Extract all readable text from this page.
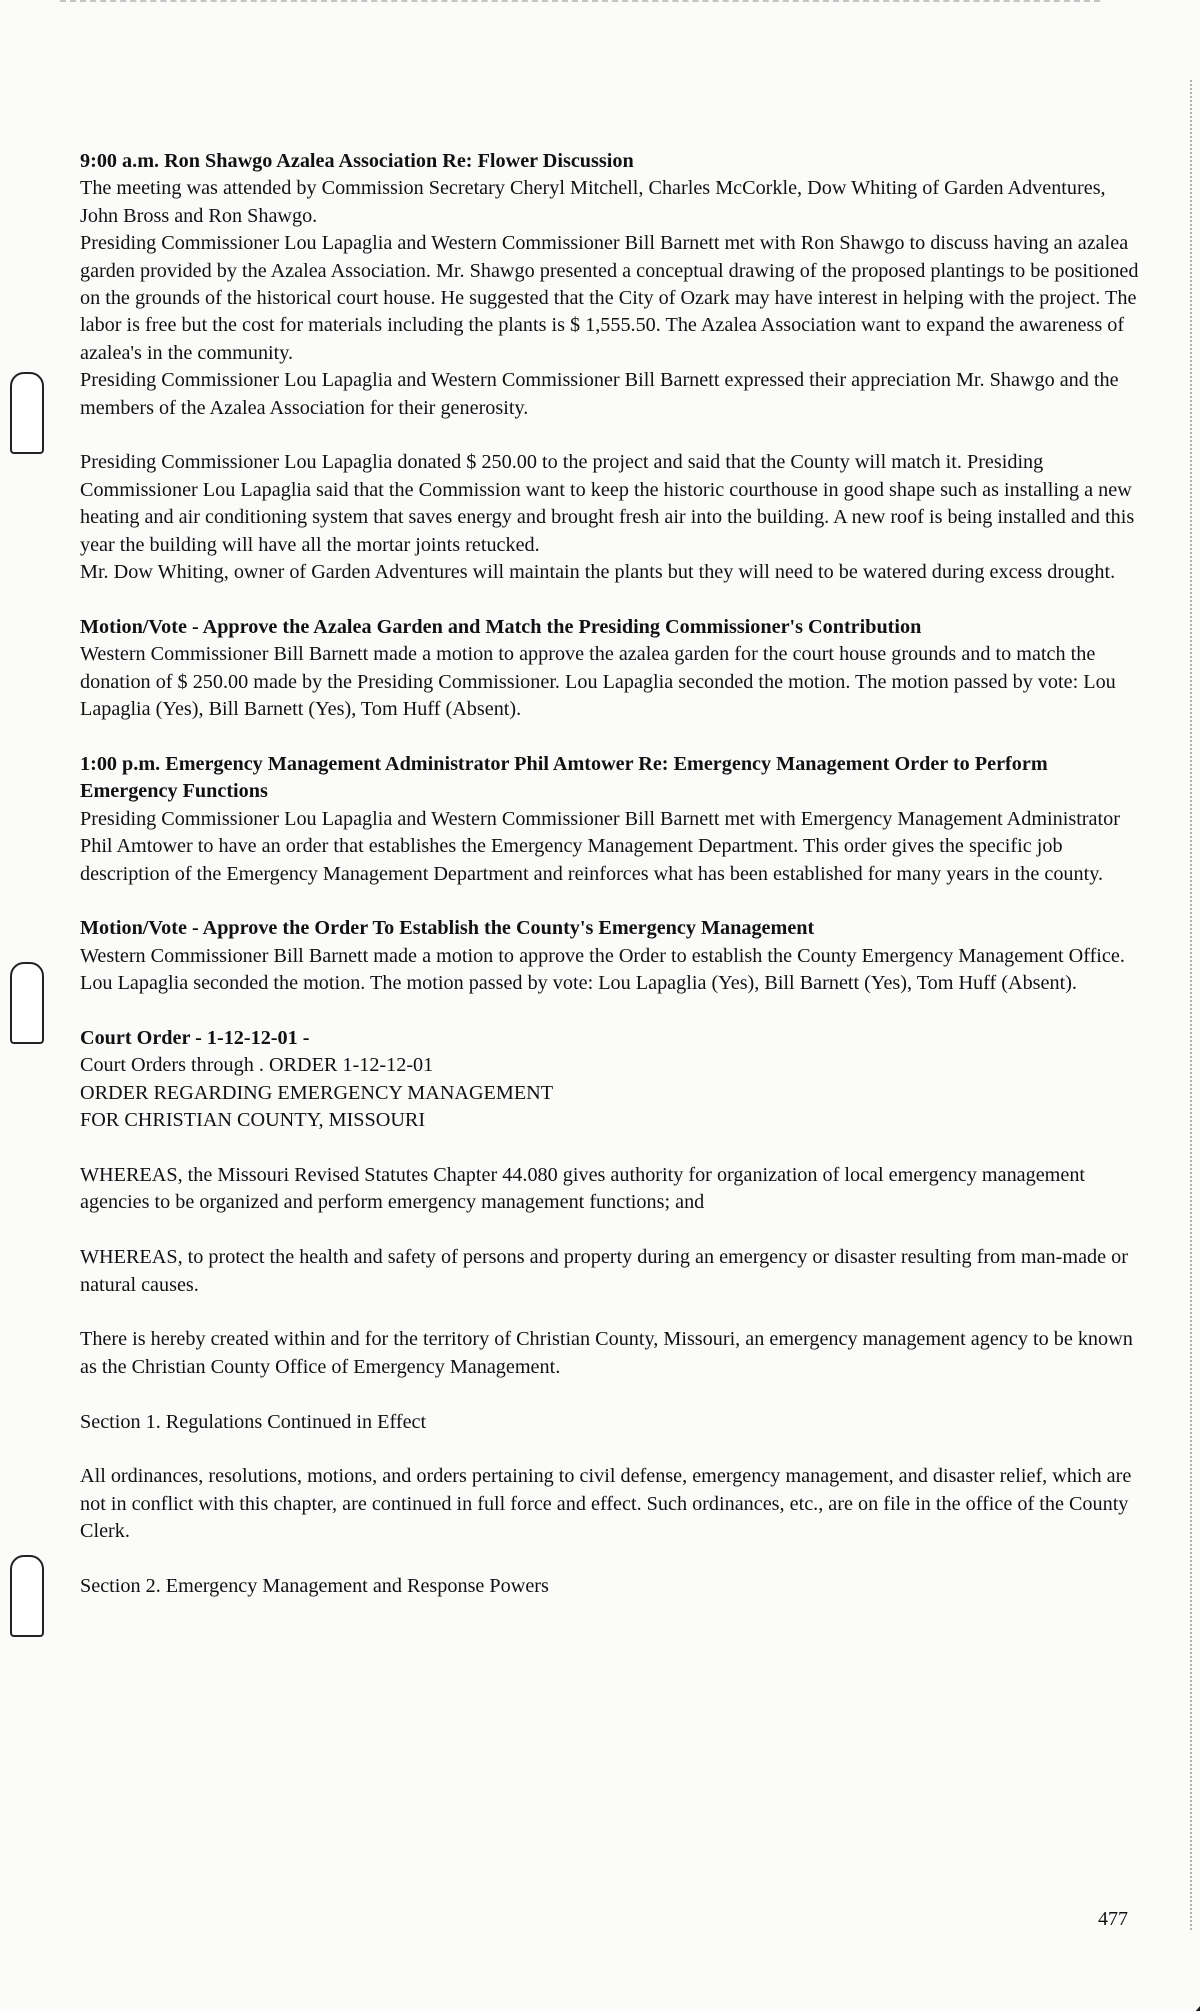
9:00 a.m. Ron Shawgo Azalea Association Re: Flower Discussion

The meeting was attended by Commission Secretary Cheryl Mitchell, Charles McCorkle, Dow Whiting of Garden Adventures, John Bross and Ron Shawgo.

Presiding Commissioner Lou Lapaglia and Western Commissioner Bill Barnett met with Ron Shawgo to discuss having an azalea garden provided by the Azalea Association. Mr. Shawgo presented a conceptual drawing of the proposed plantings to be positioned on the grounds of the historical court house. He suggested that the City of Ozark may have interest in helping with the project. The labor is free but the cost for materials including the plants is $ 1,555.50. The Azalea Association want to expand the awareness of azalea's in the community.

Presiding Commissioner Lou Lapaglia and Western Commissioner Bill Barnett expressed their appreciation Mr. Shawgo and the members of the Azalea Association for their generosity.

Presiding Commissioner Lou Lapaglia donated $ 250.00 to the project and said that the County will match it. Presiding Commissioner Lou Lapaglia said that the Commission want to keep the historic courthouse in good shape such as installing a new heating and air conditioning system that saves energy and brought fresh air into the building. A new roof is being installed and this year the building will have all the mortar joints retucked.

Mr. Dow Whiting, owner of Garden Adventures will maintain the plants but they will need to be watered during excess drought.

Motion/Vote - Approve the Azalea Garden and Match the Presiding Commissioner's Contribution

Western Commissioner Bill Barnett made a motion to approve the azalea garden for the court house grounds and to match the donation of $ 250.00 made by the Presiding Commissioner. Lou Lapaglia seconded the motion. The motion passed by vote: Lou Lapaglia (Yes), Bill Barnett (Yes), Tom Huff (Absent).

1:00 p.m. Emergency Management Administrator Phil Amtower Re: Emergency Management Order to Perform Emergency Functions

Presiding Commissioner Lou Lapaglia and Western Commissioner Bill Barnett met with Emergency Management Administrator Phil Amtower to have an order that establishes the Emergency Management Department. This order gives the specific job description of the Emergency Management Department and reinforces what has been established for many years in the county.

Motion/Vote - Approve the Order To Establish the County's Emergency Management

Western Commissioner Bill Barnett made a motion to approve the Order to establish the County Emergency Management Office. Lou Lapaglia seconded the motion. The motion passed by vote: Lou Lapaglia (Yes), Bill Barnett (Yes), Tom Huff (Absent).

Court Order - 1-12-12-01 -

Court Orders through . ORDER 1-12-12-01

ORDER REGARDING EMERGENCY MANAGEMENT

FOR CHRISTIAN COUNTY, MISSOURI

WHEREAS, the Missouri Revised Statutes Chapter 44.080 gives authority for organization of local emergency management agencies to be organized and perform emergency management functions; and

WHEREAS, to protect the health and safety of persons and property during an emergency or disaster resulting from man-made or natural causes.

There is hereby created within and for the territory of Christian County, Missouri, an emergency management agency to be known as the Christian County Office of Emergency Management.

Section 1. Regulations Continued in Effect

All ordinances, resolutions, motions, and orders pertaining to civil defense, emergency management, and disaster relief, which are not in conflict with this chapter, are continued in full force and effect. Such ordinances, etc., are on file in the office of the County Clerk.

Section 2. Emergency Management and Response Powers

477
